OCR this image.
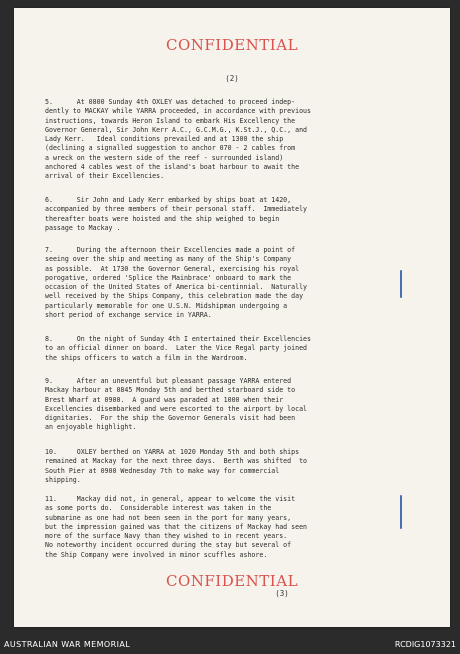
CONFIDENTIAL
(2)
5.      At 0800 Sunday 4th OXLEY was detached to proceed indep-
dently to MACKAY while YARRA proceeded, in accordance with previous
instructions, towards Heron Island to embark His Excellency the
Governor General, Sir John Kerr A.C., G.C.M.G., K.St.J., Q.C., and
Lady Kerr.   Ideal conditions prevailed and at 1300 the ship
(declining a signalled suggestion to anchor 070 - 2 cables from
a wreck on the western side of the reef - surrounded island)
anchored 4 cables west of the island's boat harbour to await the
arrival of their Excellencies.
6.      Sir John and Lady Kerr embarked by ships boat at 1420,
accompanied by three members of their personal staff.  Immediately
thereafter boats were hoisted and the ship weighed to begin
passage to Mackay .
7.      During the afternoon their Excellencies made a point of
seeing over the ship and meeting as many of the Ship's Company
as possible.  At 1730 the Governor General, exercising his royal
porogative, ordered 'Splice the Mainbrace' onboard to mark the
occasion of the United States of America bi-centinnial.  Naturally
well received by the Ships Company, this celebration made the day
particularly memorable for one U.S.N. Midshipman undergoing a
short period of exchange service in YARRA.
8.      On the night of Sunday 4th I entertained their Excellencies
to an official dinner on board.  Later the Vice Regal party joined
the ships officers to watch a film in the Wardroom.
9.      After an uneventful but pleasant passage YARRA entered
Mackay harbour at 0845 Monday 5th and berthed starboard side to
Brest Wharf at 0900.  A guard was paraded at 1000 when their
Excellencies disembarked and were escorted to the airport by local
dignitaries.  For the ship the Governor Generals visit had been
an enjoyable highlight.
10.     OXLEY berthed on YARRA at 1020 Monday 5th and both ships
remained at Mackay for the next three days.  Berth was shifted  to
South Pier at 0900 Wednesday 7th to make way for commercial
shipping.
11.     Mackay did not, in general, appear to welcome the visit
as some ports do.  Considerable interest was taken in the
submarine as one had not been seen in the port for many years,
but the impression gained was that the citizens of Mackay had seen
more of the surface Navy than they wished to in recent years.
No noteworthy incident occurred during the stay but several of
the Ship Company were involved in minor scuffles ashore.
CONFIDENTIAL
(3)
AUSTRALIAN WAR MEMORIAL	RCDIG1073321
